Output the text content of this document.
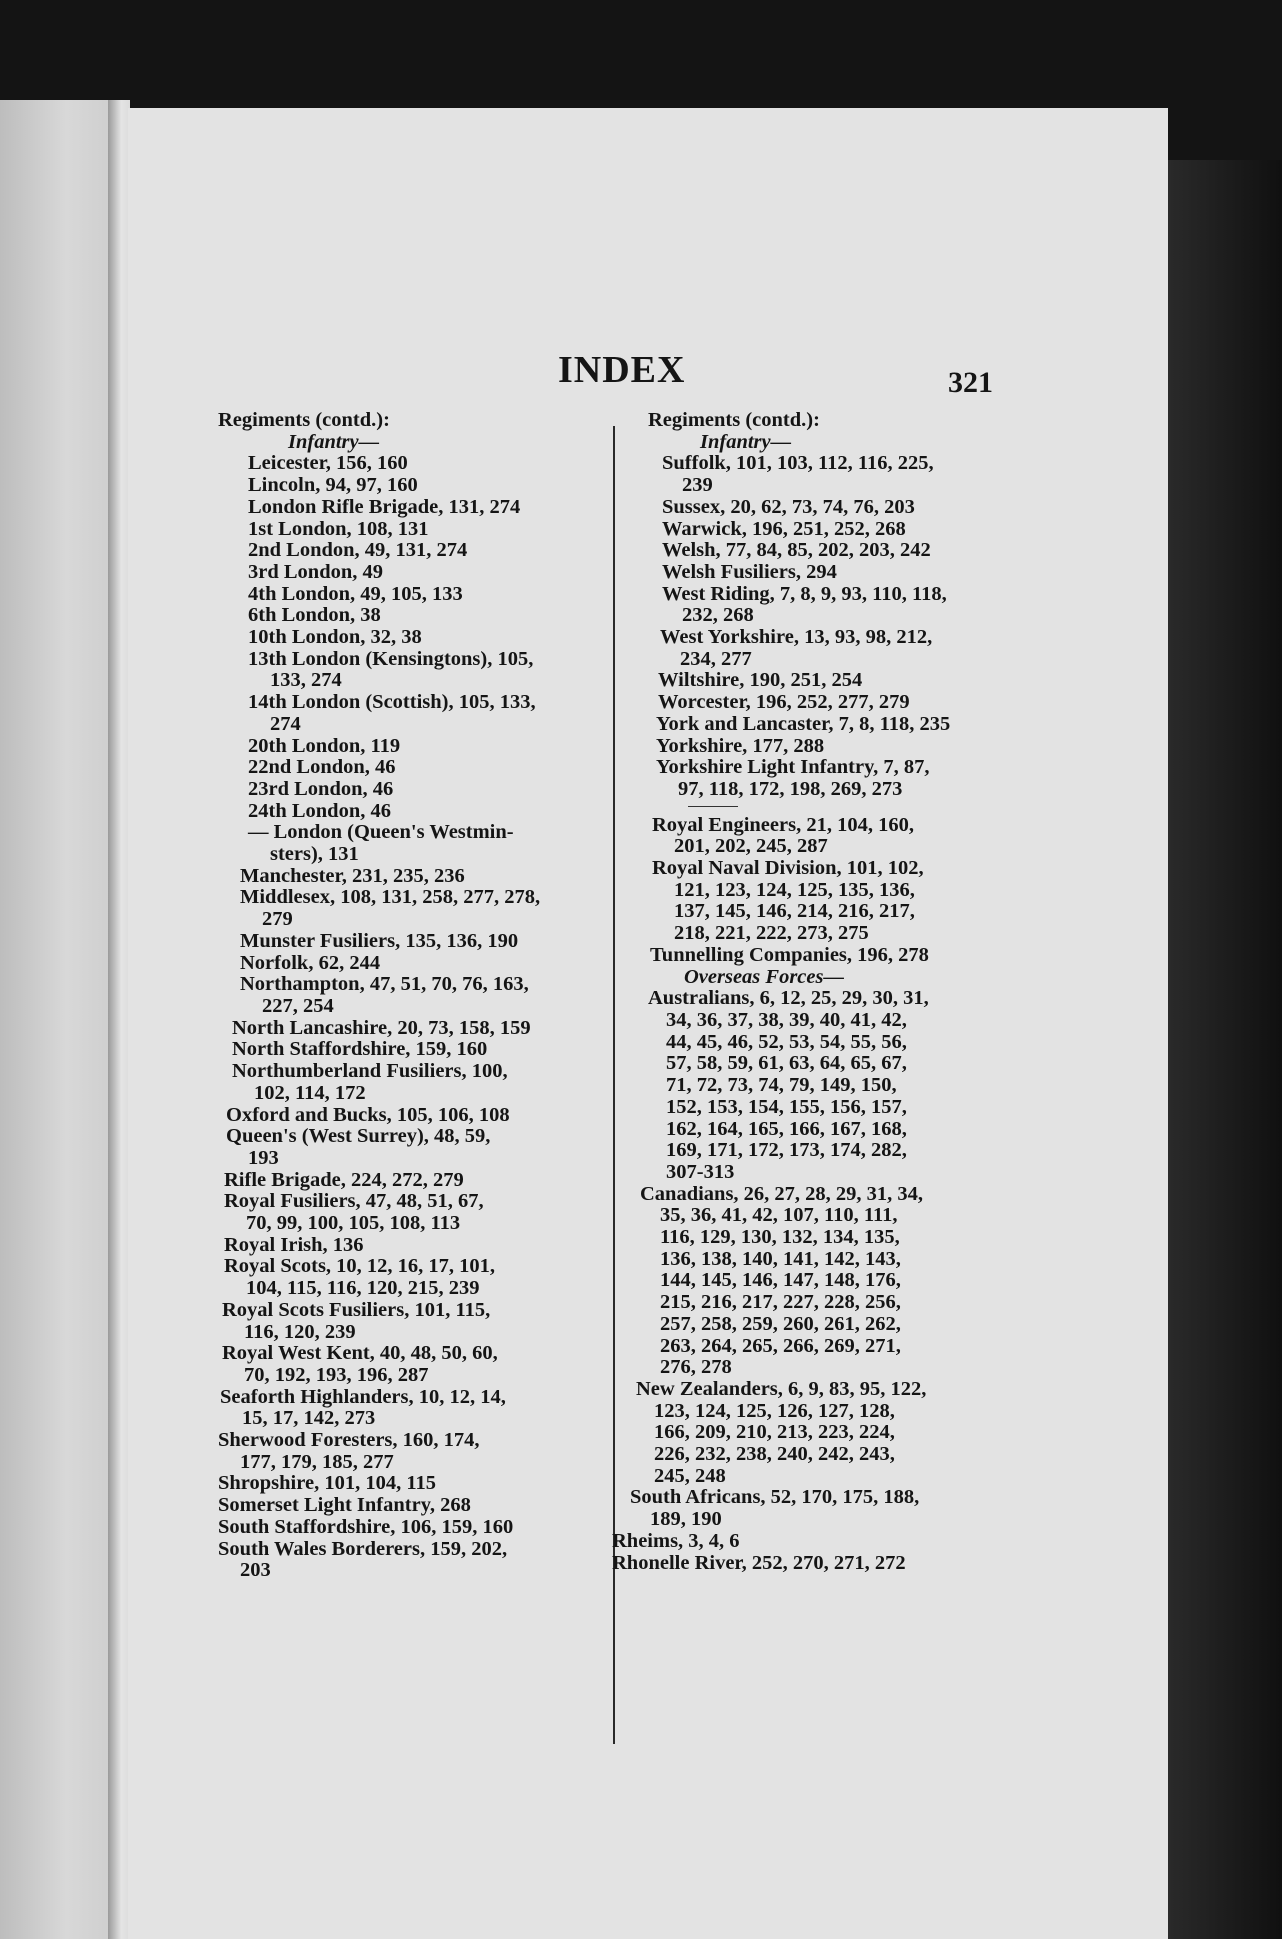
INDEX	321
Regiments (contd.):
Infantry—
Leicester, 156, 160
Lincoln, 94, 97, 160
London Rifle Brigade, 131, 274
1st London, 108, 131
2nd London, 49, 131, 274
3rd London, 49
4th London, 49, 105, 133
6th London, 38
10th London, 32, 38
13th London (Kensingtons), 105,
133, 274
14th London (Scottish), 105, 133,
274
20th London, 119
22nd London, 46
23rd London, 46
24th London, 46
— London (Queen's Westmin-
sters), 131
Manchester, 231, 235, 236
Middlesex, 108, 131, 258, 277, 278,
279
Munster Fusiliers, 135, 136, 190
Norfolk, 62, 244
Northampton, 47, 51, 70, 76, 163,
227, 254
North Lancashire, 20, 73, 158, 159
North Staffordshire, 159, 160
Northumberland Fusiliers, 100,
102, 114, 172
Oxford and Bucks, 105, 106, 108
Queen's (West Surrey), 48, 59,
193
Rifle Brigade, 224, 272, 279
Royal Fusiliers, 47, 48, 51, 67,
70, 99, 100, 105, 108, 113
Royal Irish, 136
Royal Scots, 10, 12, 16, 17, 101,
104, 115, 116, 120, 215, 239
Royal Scots Fusiliers, 101, 115,
116, 120, 239
Royal West Kent, 40, 48, 50, 60,
70, 192, 193, 196, 287
Seaforth Highlanders, 10, 12, 14,
15, 17, 142, 273
Sherwood Foresters, 160, 174,
177, 179, 185, 277
Shropshire, 101, 104, 115
Somerset Light Infantry, 268
South Staffordshire, 106, 159, 160
South Wales Borderers, 159, 202,
203
Regiments (contd.):
Infantry—
Suffolk, 101, 103, 112, 116, 225,
239
Sussex, 20, 62, 73, 74, 76, 203
Warwick, 196, 251, 252, 268
Welsh, 77, 84, 85, 202, 203, 242
Welsh Fusiliers, 294
West Riding, 7, 8, 9, 93, 110, 118,
232, 268
West Yorkshire, 13, 93, 98, 212,
234, 277
Wiltshire, 190, 251, 254
Worcester, 196, 252, 277, 279
York and Lancaster, 7, 8, 118, 235
Yorkshire, 177, 288
Yorkshire Light Infantry, 7, 87,
97, 118, 172, 198, 269, 273
Royal Engineers, 21, 104, 160,
201, 202, 245, 287
Royal Naval Division, 101, 102,
121, 123, 124, 125, 135, 136,
137, 145, 146, 214, 216, 217,
218, 221, 222, 273, 275
Tunnelling Companies, 196, 278
Overseas Forces—
Australians, 6, 12, 25, 29, 30, 31,
34, 36, 37, 38, 39, 40, 41, 42,
44, 45, 46, 52, 53, 54, 55, 56,
57, 58, 59, 61, 63, 64, 65, 67,
71, 72, 73, 74, 79, 149, 150,
152, 153, 154, 155, 156, 157,
162, 164, 165, 166, 167, 168,
169, 171, 172, 173, 174, 282,
307-313
Canadians, 26, 27, 28, 29, 31, 34,
35, 36, 41, 42, 107, 110, 111,
116, 129, 130, 132, 134, 135,
136, 138, 140, 141, 142, 143,
144, 145, 146, 147, 148, 176,
215, 216, 217, 227, 228, 256,
257, 258, 259, 260, 261, 262,
263, 264, 265, 266, 269, 271,
276, 278
New Zealanders, 6, 9, 83, 95, 122,
123, 124, 125, 126, 127, 128,
166, 209, 210, 213, 223, 224,
226, 232, 238, 240, 242, 243,
245, 248
South Africans, 52, 170, 175, 188,
189, 190
Rheims, 3, 4, 6
Rhonelle River, 252, 270, 271, 272
